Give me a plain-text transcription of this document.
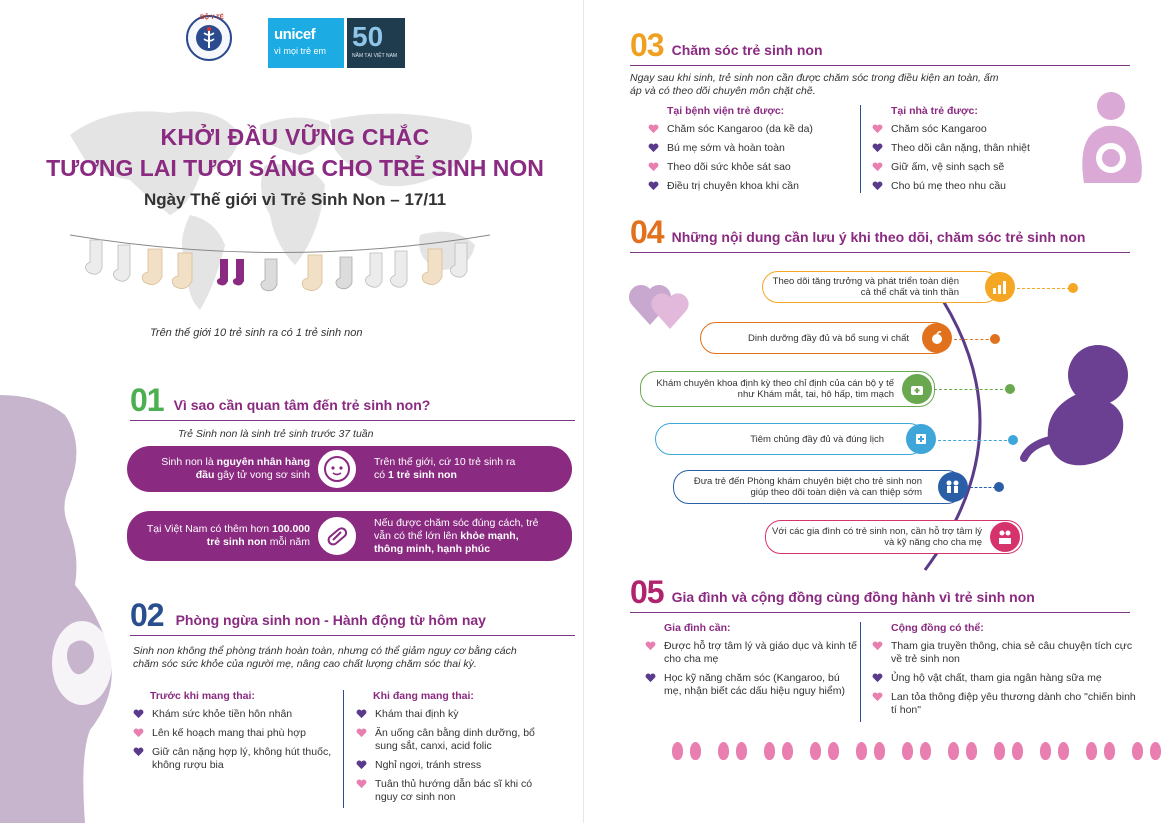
BỘ Y TẾ
unicef
vì mọi trẻ em 50
NĂM TẠI VIỆT NAM
KHỞI ĐẦU VỮNG CHẮC
TƯƠNG LAI TƯƠI SÁNG CHO TRẺ SINH NON
Ngày Thế giới vì Trẻ Sinh Non – 17/11
Trên thế giới 10 trẻ sinh ra có 1 trẻ sinh non
01 Vì sao cần quan tâm đến trẻ sinh non?
Trẻ Sinh non là sinh trẻ sinh trước 37 tuần
Sinh non là nguyên nhân hàng đầu gây tử vong sơ sinh
Trên thế giới, cứ 10 trẻ sinh ra có 1 trẻ sinh non
Tại Việt Nam có thêm hơn 100.000 trẻ sinh non mỗi năm
Nếu được chăm sóc đúng cách, trẻ vẫn có thể lớn lên khỏe mạnh, thông minh, hạnh phúc
02 Phòng ngừa sinh non - Hành động từ hôm nay
Sinh non không thể phòng tránh hoàn toàn, nhưng có thể giảm nguy cơ bằng cách chăm sóc sức khỏe của người mẹ, nâng cao chất lượng chăm sóc thai kỳ.
Trước khi mang thai:
Khám sức khỏe tiền hôn nhân
Lên kế hoạch mang thai phù hợp
Giữ cân nặng hợp lý, không hút thuốc, không rượu bia
Khi đang mang thai:
Khám thai định kỳ
Ăn uống cân bằng dinh dưỡng, bổ sung sắt, canxi, acid folic
Nghỉ ngơi, tránh stress
Tuân thủ hướng dẫn bác sĩ khi có nguy cơ sinh non
03 Chăm sóc trẻ sinh non
Ngay sau khi sinh, trẻ sinh non cần được chăm sóc trong điều kiện an toàn, ấm áp và có theo dõi chuyên môn chặt chẽ.
Tại bệnh viện trẻ được:
Chăm sóc Kangaroo (da kề da)
Bú mẹ sớm và hoàn toàn
Theo dõi sức khỏe sát sao
Điều trị chuyên khoa khi cần
Tại nhà trẻ được:
Chăm sóc Kangaroo
Theo dõi cân nặng, thân nhiệt
Giữ ấm, vệ sinh sạch sẽ
Cho bú mẹ theo nhu cầu
04 Những nội dung cần lưu ý khi theo dõi, chăm sóc trẻ sinh non
Theo dõi tăng trưởng và phát triển toàn diện cả thể chất và tinh thần
Dinh dưỡng đầy đủ và bổ sung vi chất
Khám chuyên khoa định kỳ theo chỉ định của cán bộ y tế như Khám mắt, tai, hô hấp, tim mạch
Tiêm chủng đầy đủ và đúng lịch
Đưa trẻ đến Phòng khám chuyên biệt cho trẻ sinh non giúp theo dõi toàn diện và can thiệp sớm
Với các gia đình có trẻ sinh non, cần hỗ trợ tâm lý và kỹ năng cho cha mẹ
05 Gia đình và cộng đồng cùng đồng hành vì trẻ sinh non
Gia đình cần:
Được hỗ trợ tâm lý và giáo dục và kinh tế cho cha mẹ
Học kỹ năng chăm sóc (Kangaroo, bú mẹ, nhận biết các dấu hiệu nguy hiểm)
Cộng đồng có thể:
Tham gia truyền thông, chia sẻ câu chuyện tích cực về trẻ sinh non
Ủng hộ vật chất, tham gia ngân hàng sữa mẹ
Lan tỏa thông điệp yêu thương dành cho "chiến binh tí hon"
